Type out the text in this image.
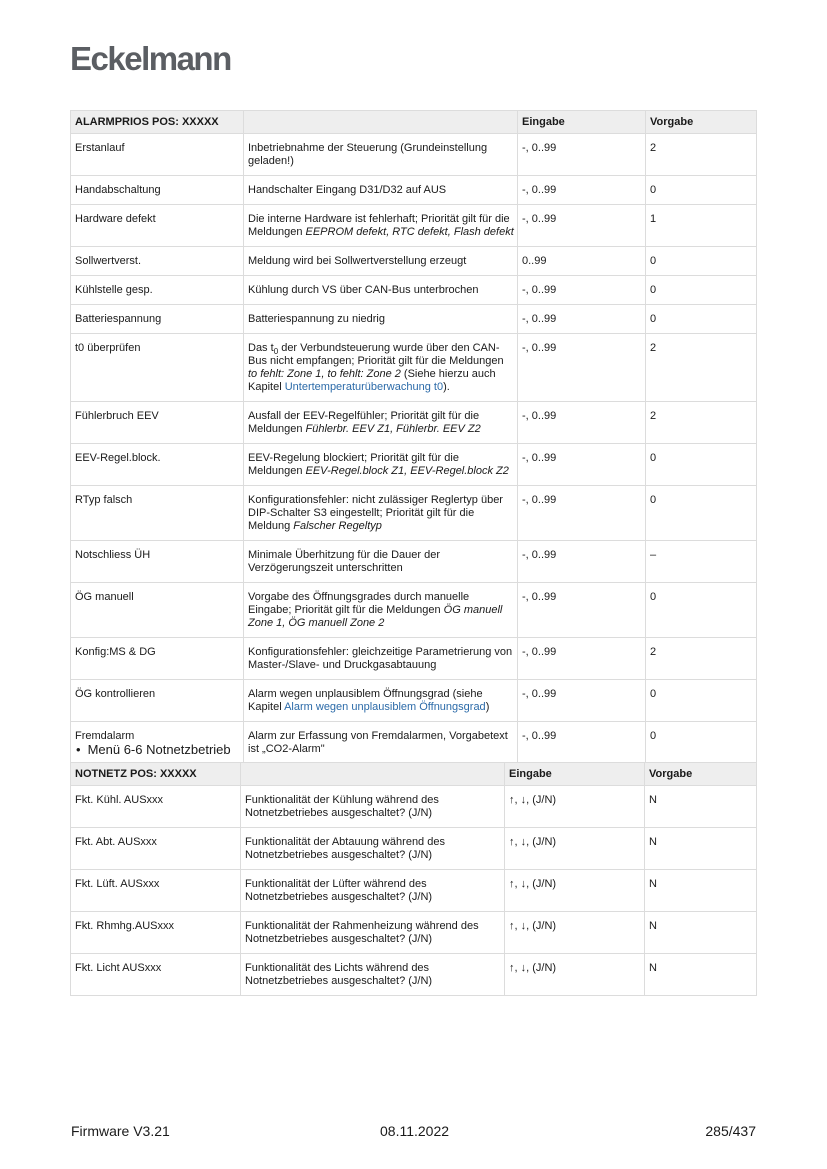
Eckelmann
ALARMPRIOS POS: XXXXX		Eingabe	Vorgabe
Erstanlauf	Inbetriebnahme der Steuerung (Grundeinstellung geladen!)	-, 0..99	2
Handabschaltung	Handschalter Eingang D31/D32 auf AUS	-, 0..99	0
Hardware defekt	Die interne Hardware ist fehlerhaft; Priorität gilt für die Meldungen EEPROM defekt, RTC defekt, Flash defekt	-, 0..99	1
Sollwertverst.	Meldung wird bei Sollwertverstellung erzeugt	0..99	0
Kühlstelle gesp.	Kühlung durch VS über CAN-Bus unterbrochen	-, 0..99	0
Batteriespannung	Batteriespannung zu niedrig	-, 0..99	0
t0 überprüfen	Das $t_0$ der Verbundsteuerung wurde über den CAN-Bus nicht empfangen; Priorität gilt für die Meldungen to fehlt: Zone 1, to fehlt: Zone 2 (Siehe hierzu auch Kapitel Untertemperaturüberwachung t0).	-, 0..99	2
Fühlerbruch EEV	Ausfall der EEV-Regelfühler; Priorität gilt für die Meldungen Fühlerbr. EEV Z1, Fühlerbr. EEV Z2	-, 0..99	2
EEV-Regel.block.	EEV-Regelung blockiert; Priorität gilt für die Meldungen EEV-Regel.block Z1, EEV-Regel.block Z2	-, 0..99	0
RTyp falsch	Konfigurationsfehler: nicht zulässiger Reglertyp über DIP-Schalter S3 eingestellt; Priorität gilt für die Meldung Falscher Regeltyp	-, 0..99	0
Notschliess ÜH	Minimale Überhitzung für die Dauer der Verzögerungszeit unterschritten	-, 0..99	–
ÖG manuell	Vorgabe des Öffnungsgrades durch manuelle Eingabe; Priorität gilt für die Meldungen ÖG manuell Zone 1, ÖG manuell Zone 2	-, 0..99	0
Konfig:MS & DG	Konfigurationsfehler: gleichzeitige Parametrierung von Master-/Slave- und Druckgasabtauung	-, 0..99	2
ÖG kontrollieren	Alarm wegen unplausiblem Öffnungsgrad (siehe Kapitel Alarm wegen unplausiblem Öffnungsgrad)	-, 0..99	0
Fremdalarm	Alarm zur Erfassung von Fremdalarmen, Vorgabetext ist „CO2-Alarm"	-, 0..99	0
• Menü 6-6 Notnetzbetrieb
NOTNETZ POS: XXXXX		Eingabe	Vorgabe
Fkt. Kühl. AUSxxx	Funktionalität der Kühlung während des Notnetzbetriebes ausgeschaltet? (J/N)	↑, ↓, (J/N)	N
Fkt. Abt. AUSxxx	Funktionalität der Abtauung während des Notnetzbetriebes ausgeschaltet? (J/N)	↑, ↓, (J/N)	N
Fkt. Lüft. AUSxxx	Funktionalität der Lüfter während des Notnetzbetriebes ausgeschaltet? (J/N)	↑, ↓, (J/N)	N
Fkt. Rhmhg.AUSxxx	Funktionalität der Rahmenheizung während des Notnetzbetriebes ausgeschaltet? (J/N)	↑, ↓, (J/N)	N
Fkt. Licht AUSxxx	Funktionalität des Lichts während des Notnetzbetriebes ausgeschaltet? (J/N)	↑, ↓, (J/N)	N
Firmware V3.21	08.11.2022	285/437
